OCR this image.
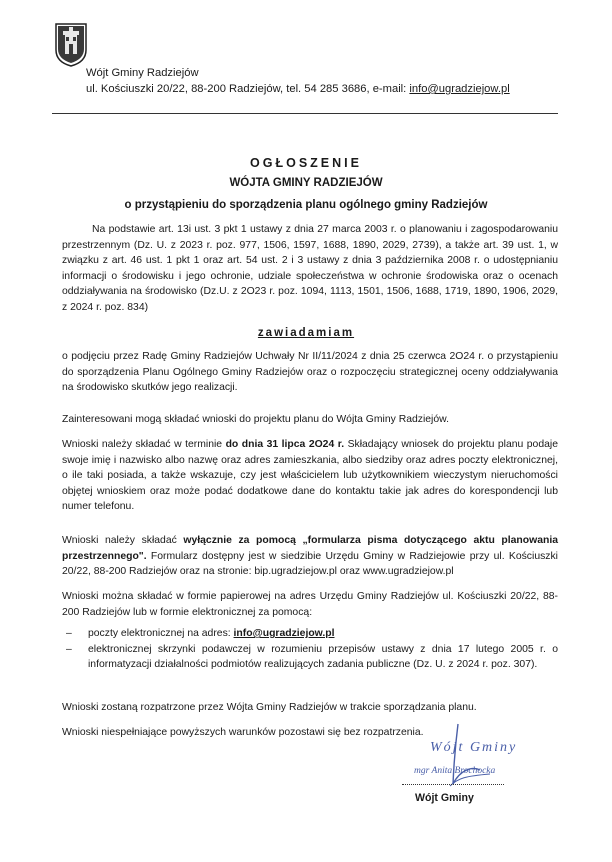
Wójt Gminy Radziejów
ul. Kościuszki 20/22, 88-200 Radziejów, tel. 54 285 3686, e-mail: info@ugradziejow.pl
OGŁOSZENIE
WÓJTA GMINY RADZIEJÓW
o przystąpieniu do sporządzenia planu ogólnego gminy Radziejów
Na podstawie art. 13i ust. 3 pkt 1 ustawy z dnia 27 marca 2003 r. o planowaniu i zagospodarowaniu przestrzennym (Dz. U. z 2023 r. poz. 977, 1506, 1597, 1688, 1890, 2029, 2739), a także art. 39 ust. 1, w związku z art. 46 ust. 1 pkt 1 oraz art. 54 ust. 2 i 3 ustawy z dnia 3 października 2008 r. o udostępnianiu informacji o środowisku i jego ochronie, udziale społeczeństwa w ochronie środowiska oraz o ocenach oddziaływania na środowisko (Dz.U. z 2O23 r. poz. 1094, 1113, 1501, 1506, 1688, 1719, 1890, 1906, 2029, z 2024 r. poz. 834)
zawiadamiam
o podjęciu przez Radę Gminy Radziejów Uchwały Nr II/11/2024 z dnia 25 czerwca 2O24 r. o przystąpieniu do sporządzenia Planu Ogólnego Gminy Radziejów oraz o rozpoczęciu strategicznej oceny oddziaływania na środowisko skutków jego realizacji.
Zainteresowani mogą składać wnioski do projektu planu do Wójta Gminy Radziejów.
Wnioski należy składać w terminie do dnia 31 lipca 2O24 r. Składający wniosek do projektu planu podaje swoje imię i nazwisko albo nazwę oraz adres zamieszkania, albo siedziby oraz adres poczty elektronicznej, o ile taki posiada, a także wskazuje, czy jest właścicielem lub użytkownikiem wieczystym nieruchomości objętej wnioskiem oraz może podać dodatkowe dane do kontaktu takie jak adres do korespondencji lub numer telefonu.
Wnioski należy składać wyłącznie za pomocą „formularza pisma dotyczącego aktu planowania przestrzennego". Formularz dostępny jest w siedzibie Urzędu Gminy w Radziejowie przy ul. Kościuszki 20/22, 88-200 Radziejów oraz na stronie: bip.ugradziejow.pl oraz www.ugradziejow.pl
Wnioski można składać w formie papierowej na adres Urzędu Gminy Radziejów ul. Kościuszki 20/22, 88-200 Radziejów lub w formie elektronicznej za pomocą:
– poczty elektronicznej na adres: info@ugradziejow.pl
– elektronicznej skrzynki podawczej w rozumieniu przepisów ustawy z dnia 17 lutego 2005 r. o informatyzacji działalności podmiotów realizujących zadania publiczne (Dz. U. z 2024 r. poz. 307).
Wnioski zostaną rozpatrzone przez Wójta Gminy Radziejów w trakcie sporządzania planu.
Wnioski niespełniające powyższych warunków pozostawi się bez rozpatrzenia.
Wójt Gminy
mgr Anita Brochocka
Wójt Gminy
